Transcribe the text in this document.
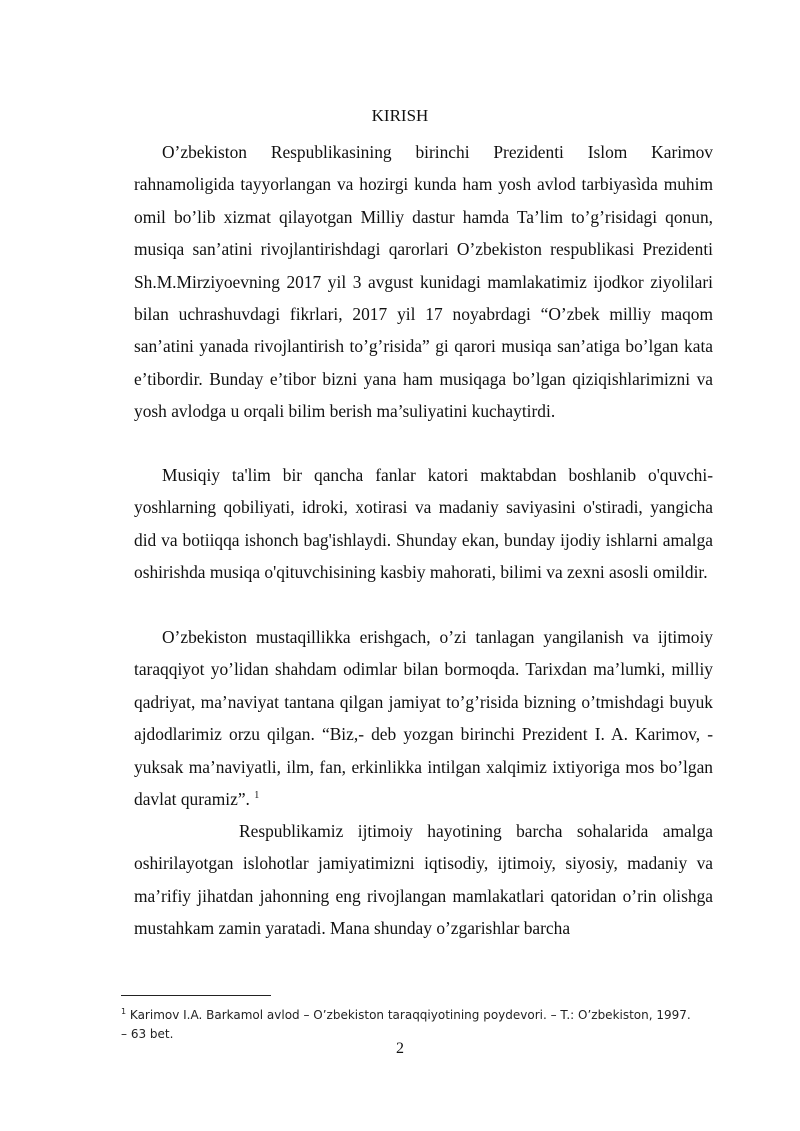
KIRISH

O’zbekiston Respublikasining birinchi Prezidenti Islom Karimov rahnamoligida tayyorlangan va hozirgi kunda ham yosh avlod tarbiyasìda muhim omil bo’lib xizmat qilayotgan Milliy dastur hamda Ta’lim to’g’risidagi qonun, musiqa san’atini rivojlantirishdagi qarorlari O’zbekiston respublikasi Prezidenti Sh.M.Mirziyoevning 2017 yil 3 avgust kunidagi mamlakatimiz ijodkor ziyolilari bilan uchrashuvdagi fikrlari, 2017 yil 17 noyabrdagi “O’zbek milliy maqom san’atini yanada rivojlantirish to’g’risida” gi qarori musiqa san’atiga bo’lgan kata e’tibordir. Bunday e’tibor bizni yana ham musiqaga bo’lgan qiziqishlarimizni va yosh avlodga u orqali bilim berish ma’suliyatini kuchaytirdi.

Musiqiy ta'lim bir qancha fanlar katori maktabdan boshlanib o'quvchi-yoshlarning qobiliyati, idroki, xotirasi va madaniy saviyasini o'stiradi, yangicha did va botiiqqa ishonch bag'ishlaydi. Shunday ekan, bunday ijodiy ishlarni amalga oshirishda musiqa o'qituvchisining kasbiy mahorati, bilimi va zexni asosli omildir.

O’zbekiston mustaqillikka erishgach, o’zi tanlagan yangilanish va ijtimoiy taraqqiyot yo’lidan shahdam odimlar bilan bormoqda. Tarixdan ma’lumki, milliy qadriyat, ma’naviyat tantana qilgan jamiyat to’g’risida bizning o’tmishdagi buyuk ajdodlarimiz orzu qilgan. “Biz,- deb yozgan birinchi Prezident I. A. Karimov, - yuksak ma’naviyatli, ilm, fan, erkinlikka intilgan xalqimiz ixtiyoriga mos bo’lgan davlat quramiz”. $^1$

Respublikamiz ijtimoiy hayotining barcha sohalarida amalga oshirilayotgan islohotlar jamiyatimizni iqtisodiy, ijtimoiy, siyosiy, madaniy va ma’rifiy jihatdan jahonning eng rivojlangan mamlakatlari qatoridan o’rin olishga mustahkam zamin yaratadi. Mana shunday o’zgarishlar barcha

$^1$ Karimov I.A. Barkamol avlod – O’zbekiston taraqqiyotining poydevori. – T.: O’zbekiston, 1997. – 63 bet.
2
